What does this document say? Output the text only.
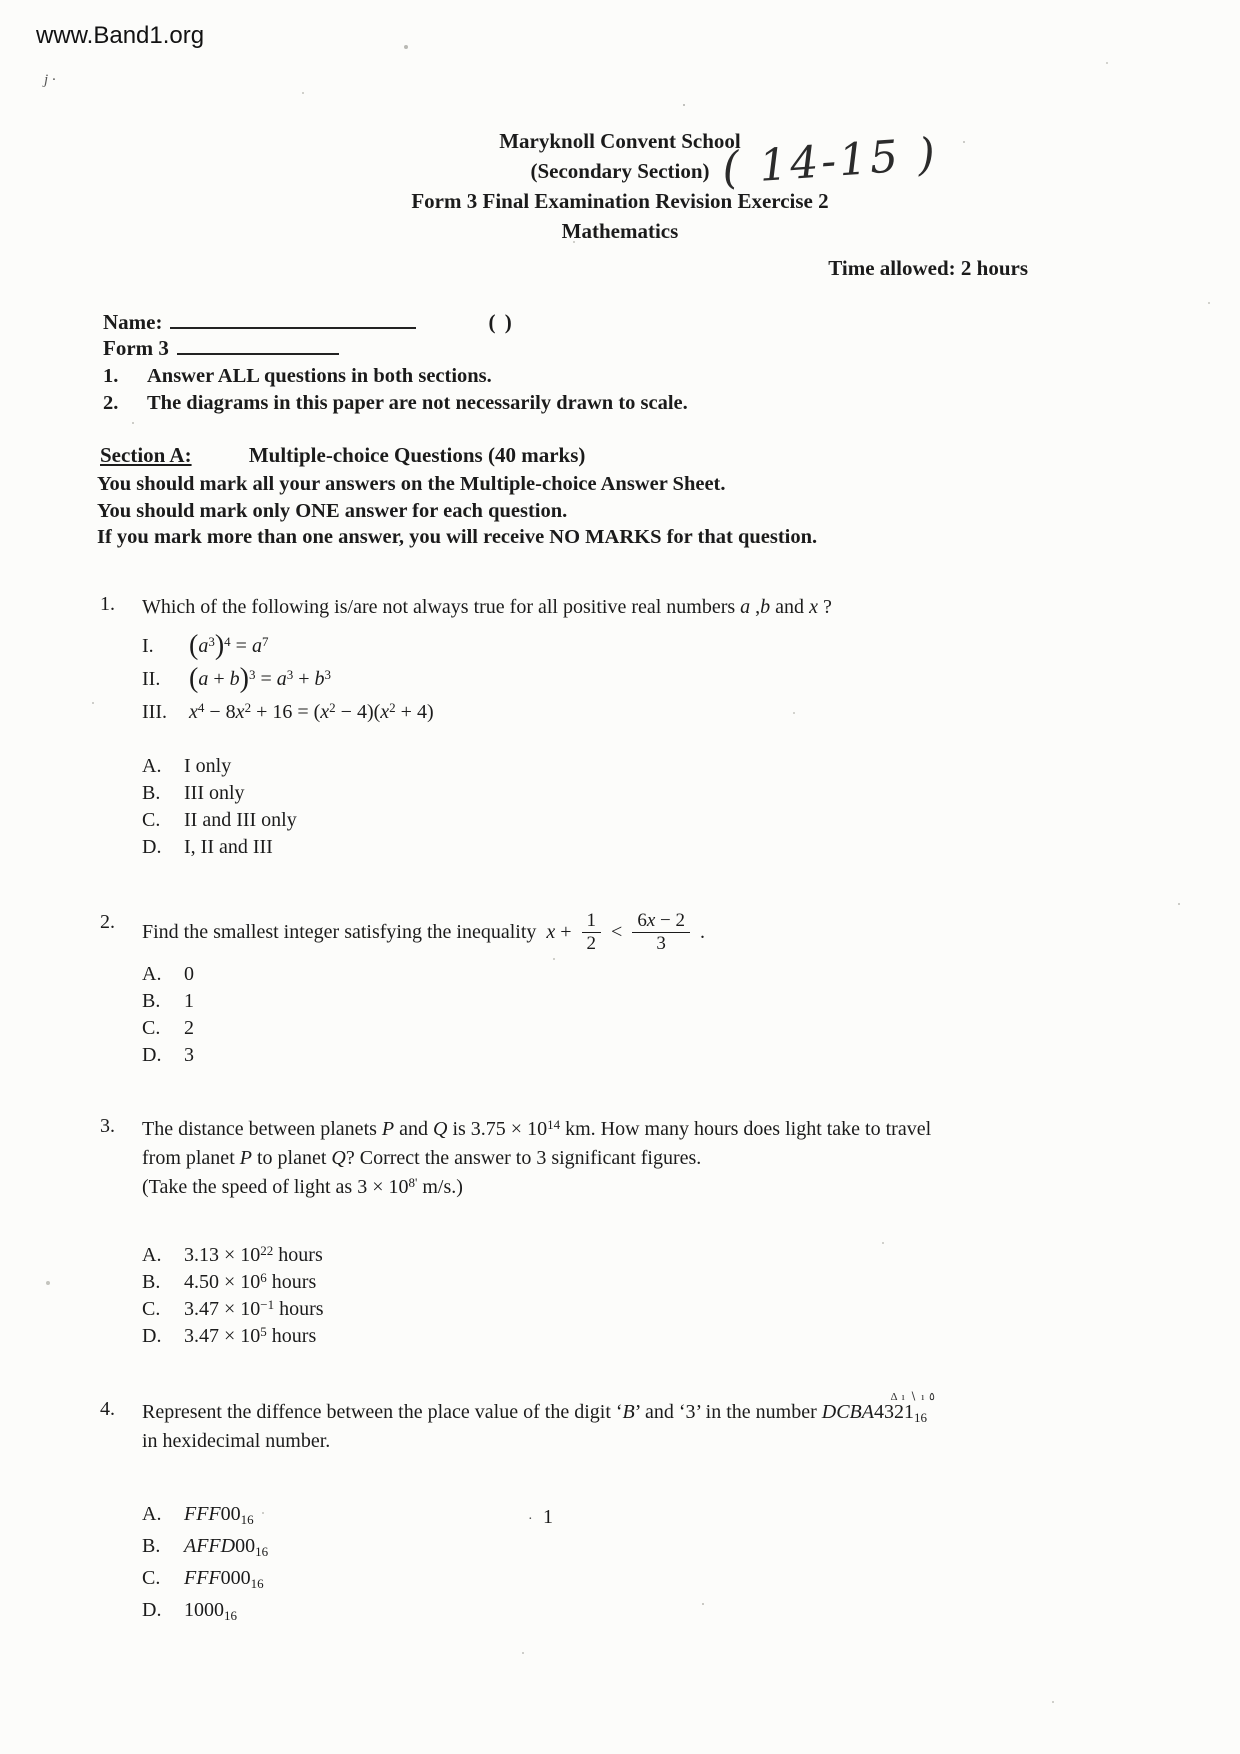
www.Band1.org
j ·
Maryknoll Convent School
(Secondary Section)
Form 3 Final Examination Revision Exercise 2
Mathematics
( 14-15 )
Time allowed: 2 hours
Name:	( )
Form 3
1.	Answer ALL questions in both sections.
2.	The diagrams in this paper are not necessarily drawn to scale.
Section A:	Multiple-choice Questions (40 marks)
You should mark all your answers on the Multiple-choice Answer Sheet.
You should mark only ONE answer for each question.
If you mark more than one answer, you will receive NO MARKS for that question.
1.	Which of the following is/are not always true for all positive real numbers a ,b and x ?
I.	$(a^3)^4 = a^7$
II.	$(a + b)^3 = a^3 + b^3$
III.	$x^4 - 8x^2 + 16 = (x^2 - 4)(x^2 + 4)$
A.	I only
B.	III only
C.	II and III only
D.	I, II and III
2.	Find the smallest integer satisfying the inequality  $x + \frac{1}{2} < \frac{6x - 2}{3}$ .
A.	0
B.	1
C.	2
D.	3
3.	The distance between planets P and Q is $3.75 \times 10^{14}$ km. How many hours does light take to travel
from planet P to planet Q? Correct the answer to 3 significant figures.
(Take the speed of light as $3 \times 10^{8'}$ m/s.)
A.	$3.13 \times 10^{22}$ hours
B.	$4.50 \times 10^6$ hours
C.	$3.47 \times 10^{-1}$ hours
D.	$3.47 \times 10^5$ hours
4.	Represent the diffence between the place value of the digit ‘B’ and ‘3’ in the number
Δ ı ∖ ı ٥
$DCBA4321_{16}$
in hexidecimal number.
A.	$FFF00_{16}$
B.	$AFFD00_{16}$
C.	$FFF000_{16}$
D.	$1000_{16}$
· 1
